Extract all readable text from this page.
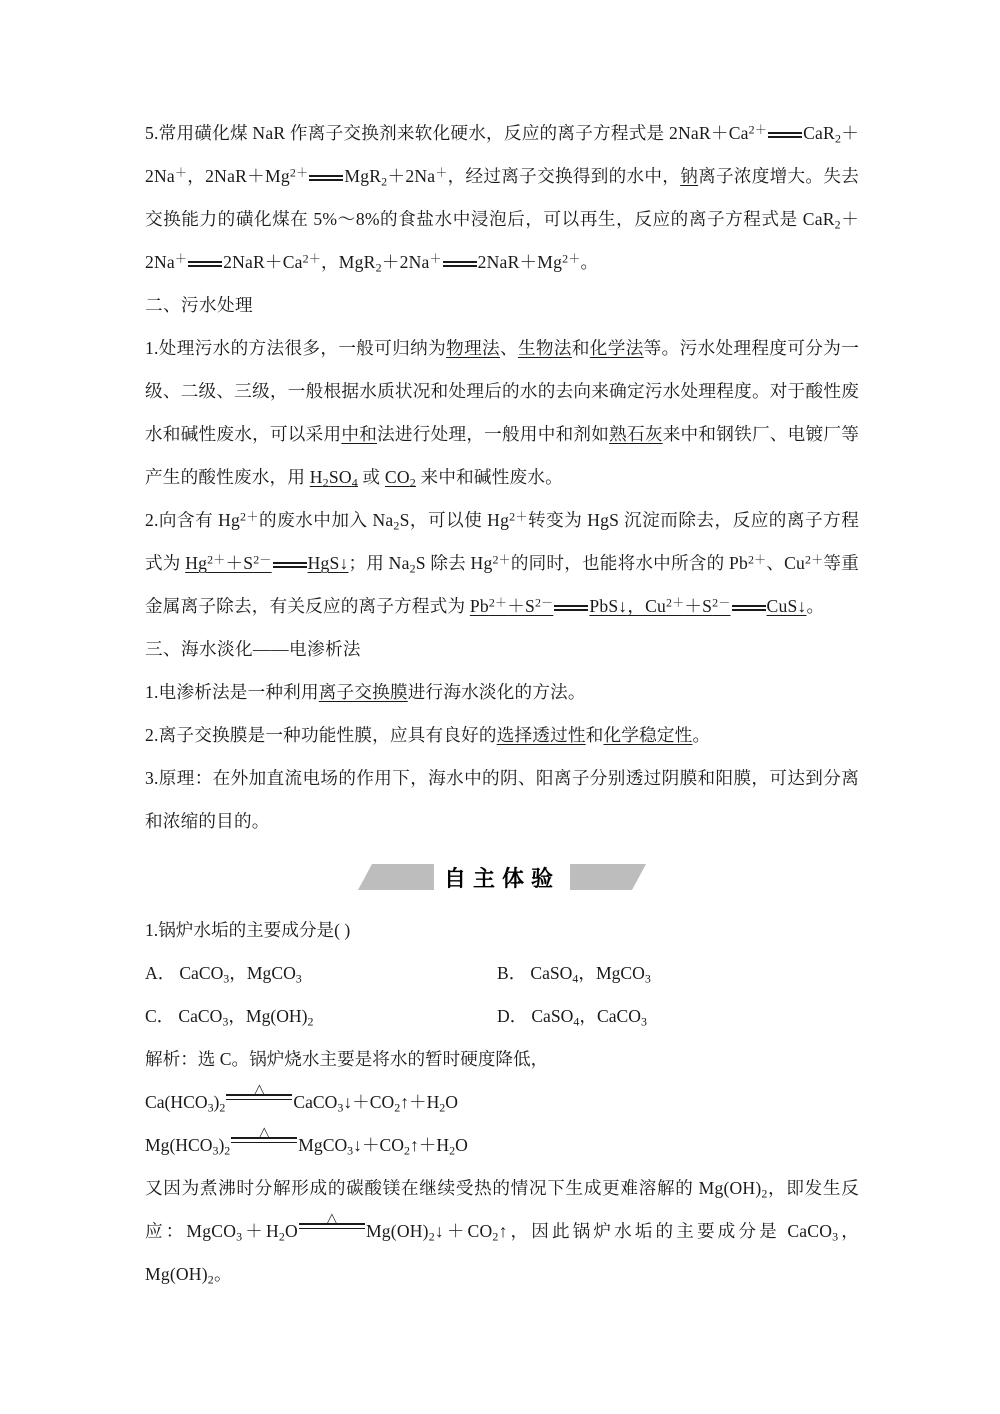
5.常用磺化煤 NaR 作离子交换剂来软化硬水，反应的离子方程式是 $2NaR+Ca^{2+}$ CaR$_2$＋2Na＋，$2NaR+Mg^{2+}$ MgR$_2$＋2Na＋，经过离子交换得到的水中，钠离子浓度增大。失去交换能力的磺化煤在 5%～8%的食盐水中浸泡后，可以再生，反应的离子方程式是 CaR$_2$＋2Na＋ $2NaR+Ca^{2+}$，MgR$_2$＋2Na＋ $2NaR+Mg^{2+}$。

二、污水处理

1.处理污水的方法很多，一般可归纳为物理法、生物法和化学法等。污水处理程度可分为一级、二级、三级，一般根据水质状况和处理后的水的去向来确定污水处理程度。对于酸性废水和碱性废水，可以采用中和法进行处理，一般用中和剂如熟石灰来中和钢铁厂、电镀厂等产生的酸性废水，用 $H_2SO_4$ 或 $CO_2$ 来中和碱性废水。

2.向含有 $Hg^{2+}$的废水中加入 $Na_2S$，可以使 $Hg^{2+}$转变为 HgS 沉淀而除去，反应的离子方程式为 $Hg^{2+}+S^{2-}$ HgS↓；用 $Na_2S$ 除去 $Hg^{2+}$的同时，也能将水中所含的 $Pb^{2+}$、$Cu^{2+}$等重金属离子除去，有关反应的离子方程式为 $Pb^{2+}+S^{2-}$ PbS↓，$Cu^{2+}+S^{2-}$ CuS↓。

三、海水淡化——电渗析法

1.电渗析法是一种利用离子交换膜进行海水淡化的方法。

2.离子交换膜是一种功能性膜，应具有良好的选择透过性和化学稳定性。

3.原理：在外加直流电场的作用下，海水中的阴、阳离子分别透过阴膜和阳膜，可达到分离和浓缩的目的。

自主体验

1.锅炉水垢的主要成分是( )

A． CaCO$_3$，MgCO$_3$	B． CaSO$_4$，MgCO$_3$
C． CaCO$_3$，$Mg(OH)_2$	D． CaSO$_4$，CaCO$_3$

解析：选 C。锅炉烧水主要是将水的暂时硬度降低，

$Ca(HCO_3)_2$
△
$CaCO_3↓+CO_2↑+H_2O$

$Mg(HCO_3)_2$
△
$MgCO_3↓+CO_2↑+H_2O$

又因为煮沸时分解形成的碳酸镁在继续受热的情况下生成更难溶解的 $Mg(OH)_2$，即发生反应：$MgCO_3+H_2O$
△
$Mg(OH)_2↓+CO_2↑$，因此锅炉水垢的主要成分是 CaCO$_3$，$Mg(OH)_2$。
